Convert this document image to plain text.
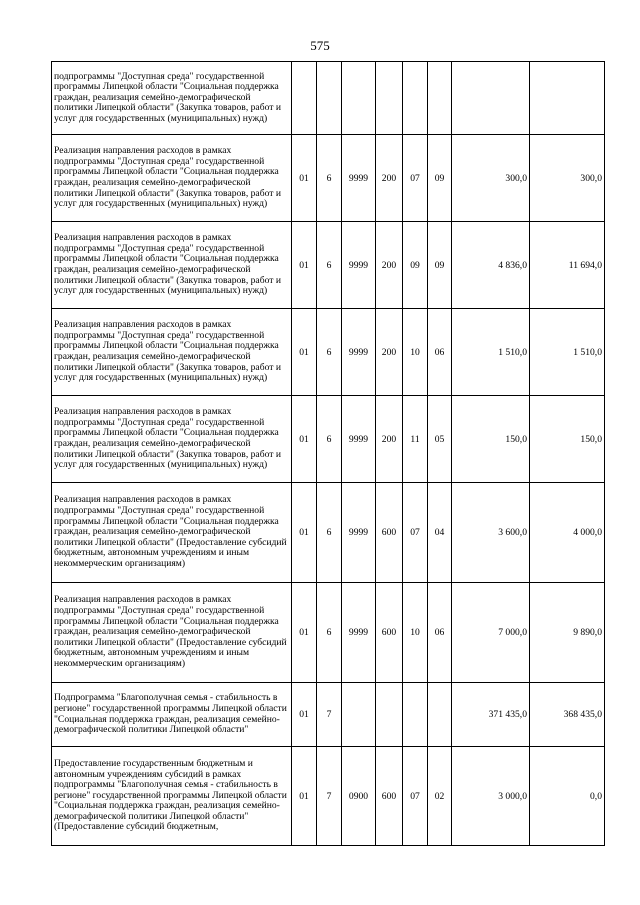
575
подпрограммы "Доступная среда" государственной программы Липецкой области "Социальная поддержка граждан, реализация семейно-демографической политики Липецкой области" (Закупка товаров, работ и услуг для государственных (муниципальных) нужд)								
Реализация направления расходов в рамках подпрограммы "Доступная среда" государственной программы Липецкой области "Социальная поддержка граждан, реализация семейно-демографической политики Липецкой области" (Закупка товаров, работ и услуг для государственных (муниципальных) нужд)	01	6	9999	200	07	09	300,0	300,0
Реализация направления расходов в рамках подпрограммы "Доступная среда" государственной программы Липецкой области "Социальная поддержка граждан, реализация семейно-демографической политики Липецкой области" (Закупка товаров, работ и услуг для государственных (муниципальных) нужд)	01	6	9999	200	09	09	4 836,0	11 694,0
Реализация направления расходов в рамках подпрограммы "Доступная среда" государственной программы Липецкой области "Социальная поддержка граждан, реализация семейно-демографической политики Липецкой области" (Закупка товаров, работ и услуг для государственных (муниципальных) нужд)	01	6	9999	200	10	06	1 510,0	1 510,0
Реализация направления расходов в рамках подпрограммы "Доступная среда" государственной программы Липецкой области "Социальная поддержка граждан, реализация семейно-демографической политики Липецкой области" (Закупка товаров, работ и услуг для государственных (муниципальных) нужд)	01	6	9999	200	11	05	150,0	150,0
Реализация направления расходов в рамках подпрограммы "Доступная среда" государственной программы Липецкой области "Социальная поддержка граждан, реализация семейно-демографической политики Липецкой области" (Предоставление субсидий бюджетным, автономным учреждениям и иным некоммерческим организациям)	01	6	9999	600	07	04	3 600,0	4 000,0
Реализация направления расходов в рамках подпрограммы "Доступная среда" государственной программы Липецкой области "Социальная поддержка граждан, реализация семейно-демографической политики Липецкой области" (Предоставление субсидий бюджетным, автономным учреждениям и иным некоммерческим организациям)	01	6	9999	600	10	06	7 000,0	9 890,0
Подпрограмма "Благополучная семья - стабильность в регионе" государственной программы Липецкой области "Социальная поддержка граждан, реализация семейно-демографической политики Липецкой области"	01	7					371 435,0	368 435,0
Предоставление государственным бюджетным и автономным учреждениям субсидий в рамках подпрограммы "Благополучная семья - стабильность в регионе" государственной программы Липецкой области "Социальная поддержка граждан, реализация семейно-демографической политики Липецкой области" (Предоставление субсидий бюджетным,	01	7	0900	600	07	02	3 000,0	0,0
